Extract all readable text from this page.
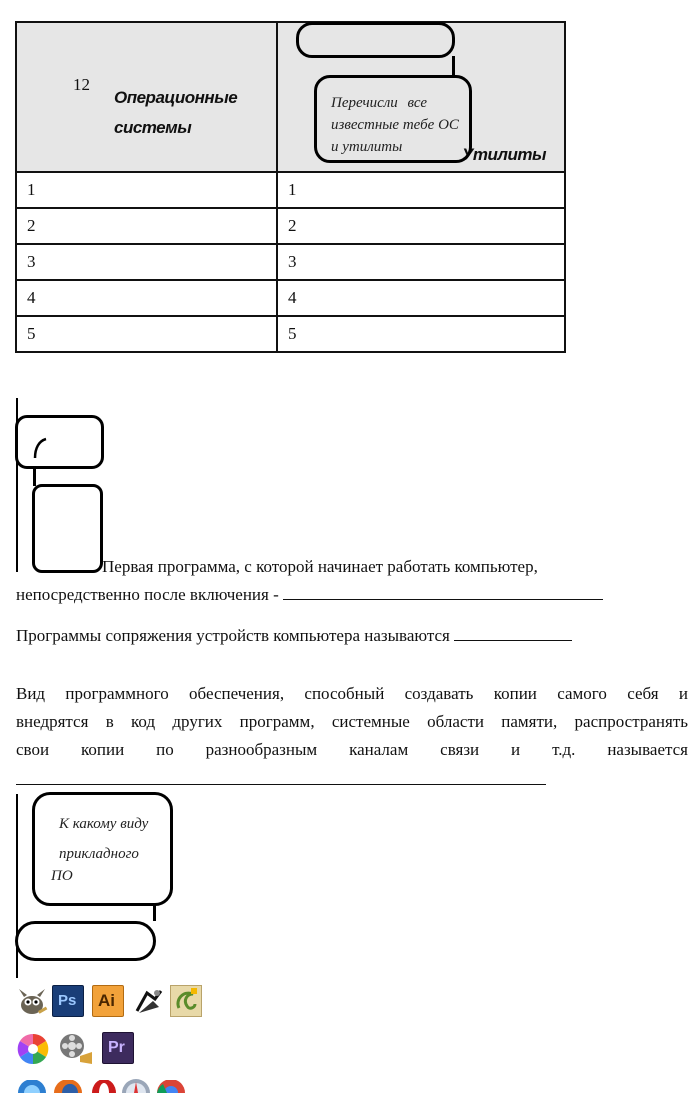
12
Операционные
системы	Утилиты

1	1
2	2
3	3
4	4
5	5
Перечисли все
известные тебе ОС
и утилиты
Первая программа, с которой начинает работать компьютер,
непосредственно после включения -
Программы сопряжения устройств компьютера называются
Вид программного обеспечения, способный создавать копии самого себя и
внедрятся в код других программ, системные области памяти, распространять
свои копии по разнообразным каналам связи и т.д. называется
К какому виду
прикладного
ПО
Ps Ai
Pr
